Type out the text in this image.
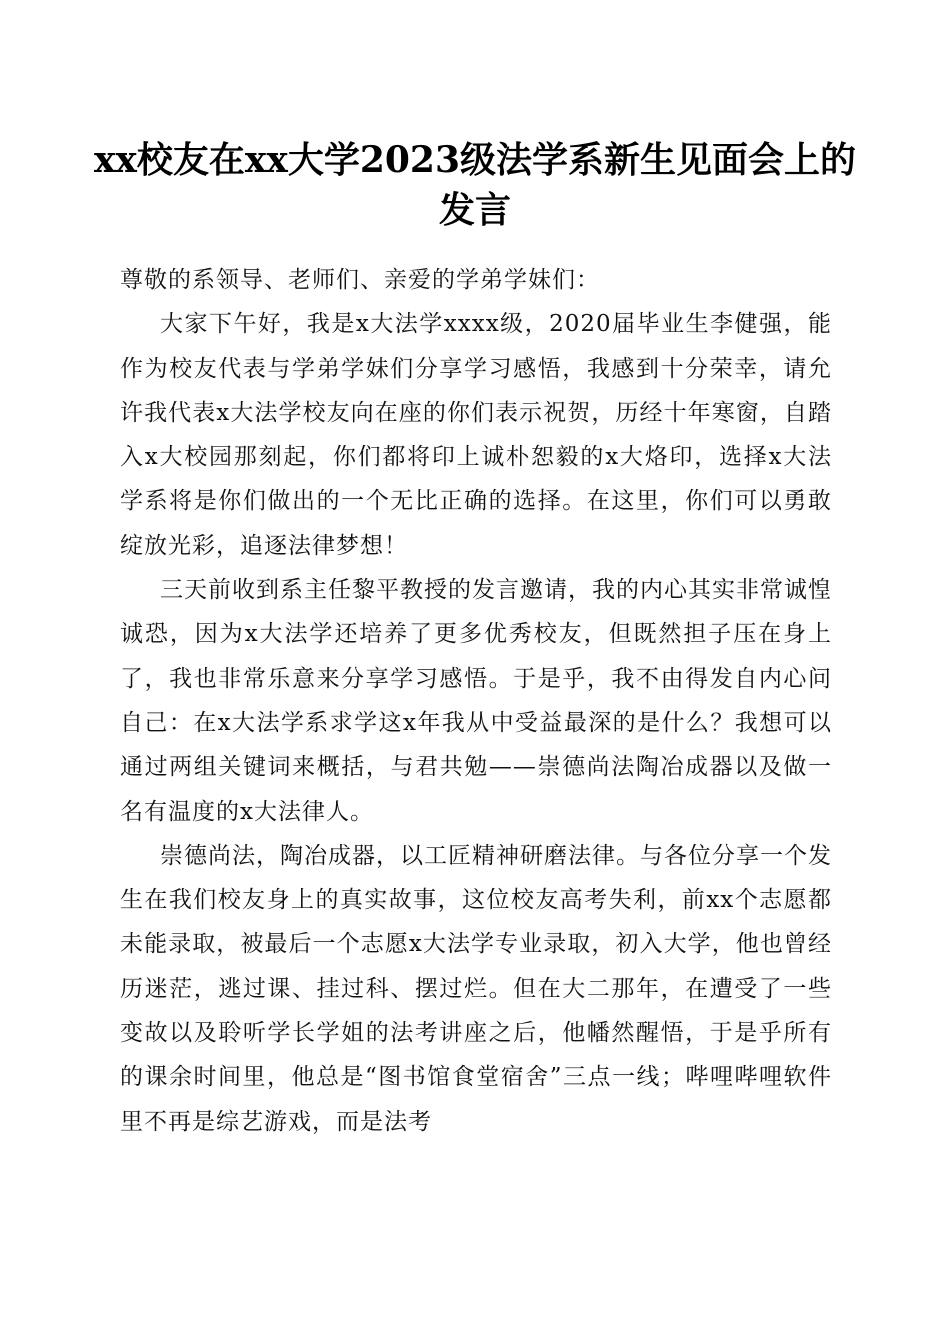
xx校友在xx大学2023级法学系新生见面会上的发言

尊敬的系领导、老师们、亲爱的学弟学妹们：

大家下午好，我是x大法学xxxx级，2020届毕业生李健强，能作为校友代表与学弟学妹们分享学习感悟，我感到十分荣幸，请允许我代表x大法学校友向在座的你们表示祝贺，历经十年寒窗，自踏入x大校园那刻起，你们都将印上诚朴恕毅的x大烙印，选择x大法学系将是你们做出的一个无比正确的选择。在这里，你们可以勇敢绽放光彩，追逐法律梦想！

三天前收到系主任黎平教授的发言邀请，我的内心其实非常诚惶诚恐，因为x大法学还培养了更多优秀校友，但既然担子压在身上了，我也非常乐意来分享学习感悟。于是乎，我不由得发自内心问自己：在x大法学系求学这x年我从中受益最深的是什么？我想可以通过两组关键词来概括，与君共勉——崇德尚法陶冶成器以及做一名有温度的x大法律人。

崇德尚法，陶冶成器，以工匠精神研磨法律。与各位分享一个发生在我们校友身上的真实故事，这位校友高考失利，前xx个志愿都未能录取，被最后一个志愿x大法学专业录取，初入大学，他也曾经历迷茫，逃过课、挂过科、摆过烂。但在大二那年，在遭受了一些变故以及聆听学长学姐的法考讲座之后，他幡然醒悟，于是乎所有的课余时间里，他总是“图书馆食堂宿舍”三点一线；哔哩哔哩软件里不再是综艺游戏，而是法考
